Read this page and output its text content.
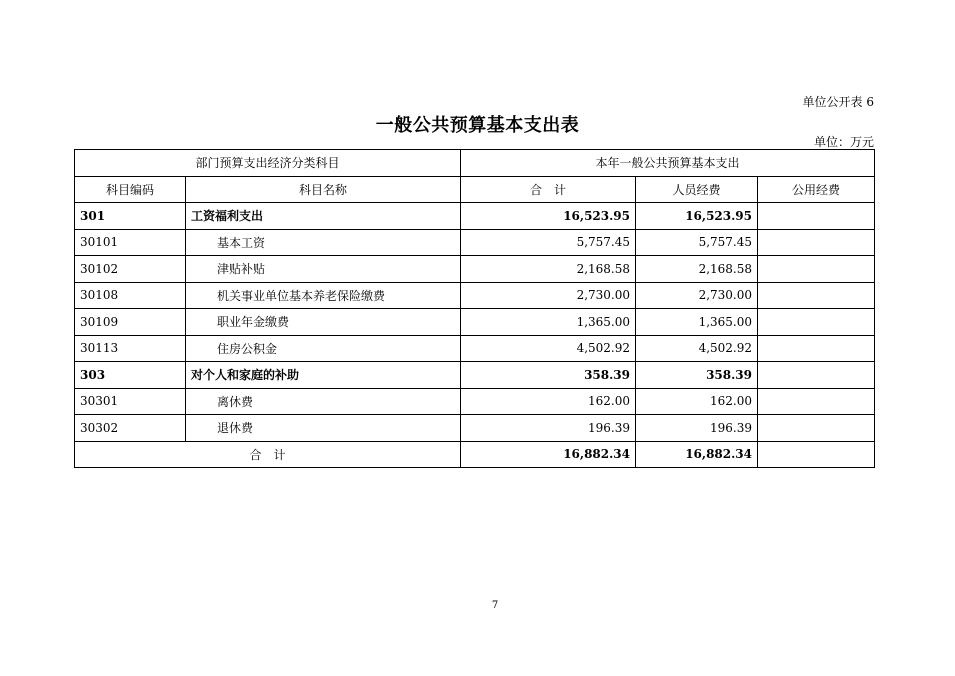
单位公开表 6
一般公共预算基本支出表
单位：万元
部门预算支出经济分类科目		本年一般公共预算基本支出		
科目编码	科目名称	合　计	人员经费	公用经费
301	工资福利支出	16,523.95	16,523.95	
30101	基本工资	5,757.45	5,757.45	
30102	津贴补贴	2,168.58	2,168.58	
30108	机关事业单位基本养老保险缴费	2,730.00	2,730.00	
30109	职业年金缴费	1,365.00	1,365.00	
30113	住房公积金	4,502.92	4,502.92	
303	对个人和家庭的补助	358.39	358.39	
30301	离休费	162.00	162.00	
30302	退休费	196.39	196.39	
合　计		16,882.34	16,882.34	
7
